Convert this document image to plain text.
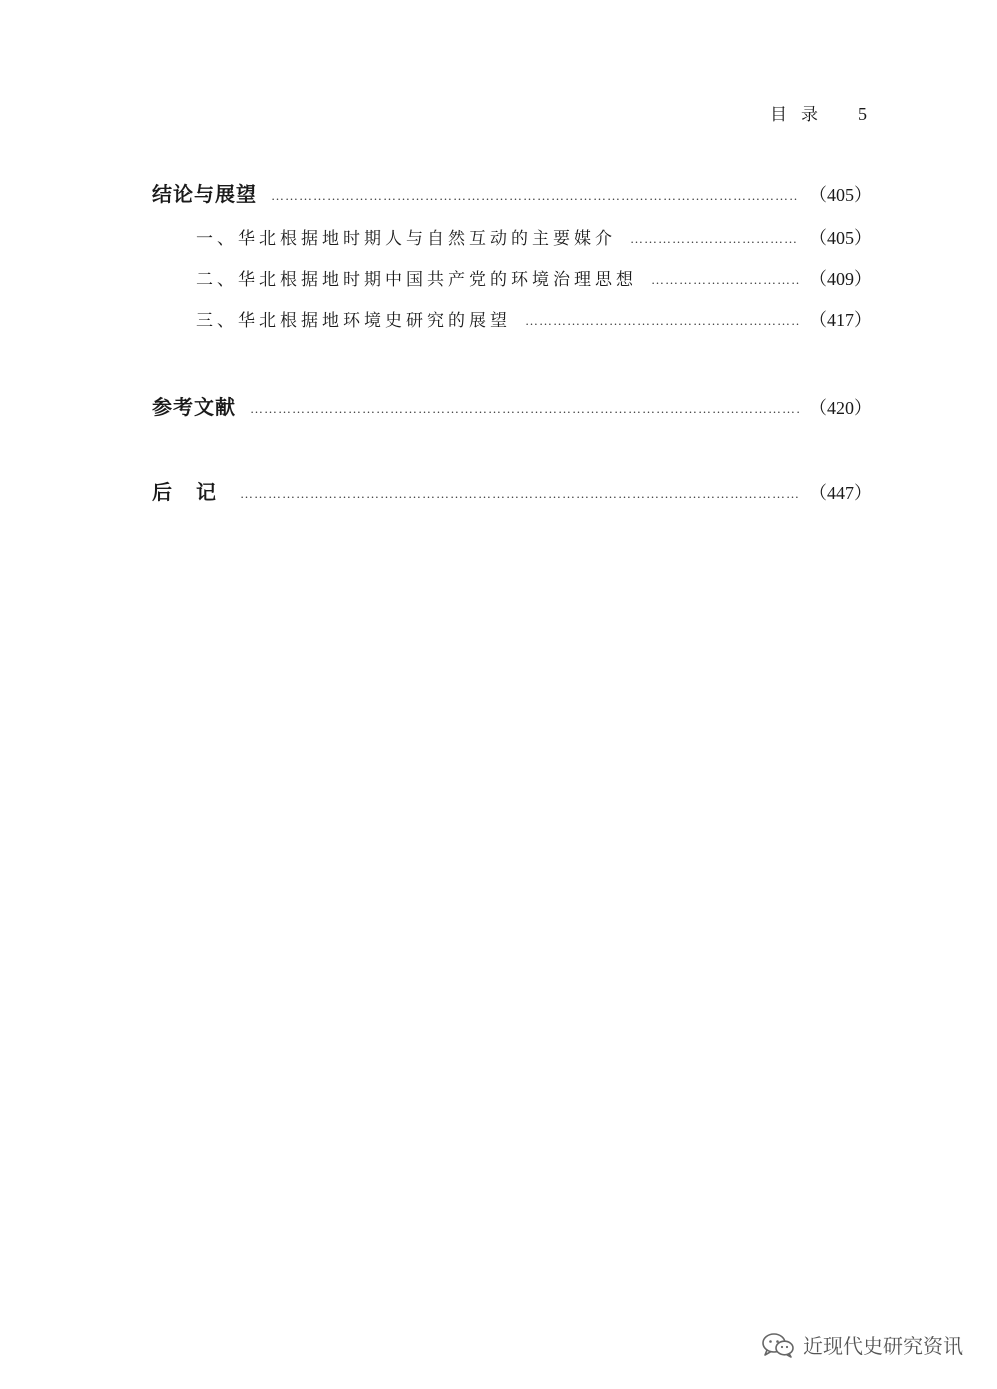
目录 5
结论与展望 ……………………………………………………………………………………………………………………………………………………………………………………………………	（405）
一、华北根据地时期人与自然互动的主要媒介 ……………………………………………………………………………………………………………………………………………………………………………………………………	（405）
二、华北根据地时期中国共产党的环境治理思想 ……………………………………………………………………………………………………………………………………………………………………………………………………	（409）
三、华北根据地环境史研究的展望 ……………………………………………………………………………………………………………………………………………………………………………………………………	（417）
参考文献 ……………………………………………………………………………………………………………………………………………………………………………………………………	（420）
后记 ……………………………………………………………………………………………………………………………………………………………………………………………………	（447）
近现代史研究资讯
